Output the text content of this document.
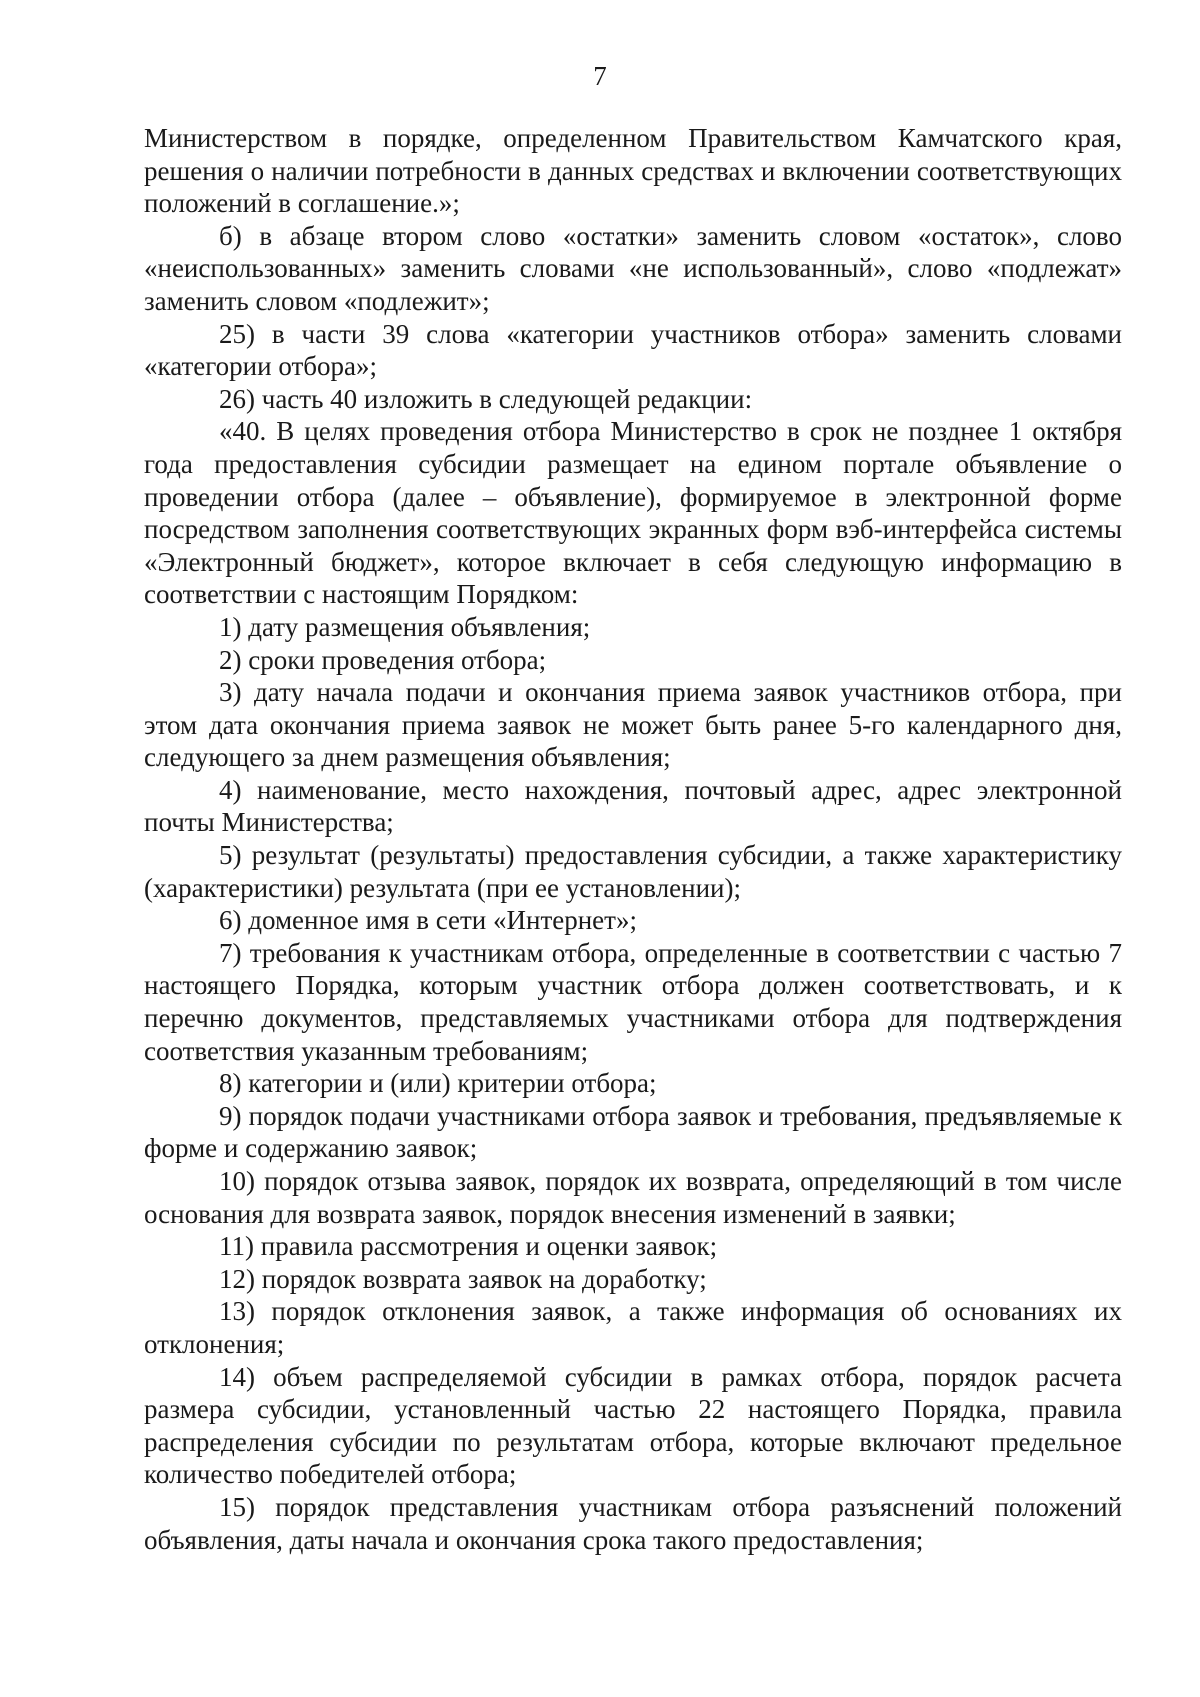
7

Министерством в порядке, определенном Правительством Камчатского края, решения о наличии потребности в данных средствах и включении соответствующих положений в соглашение.»;

б) в абзаце втором слово «остатки» заменить словом «остаток», слово «неиспользованных» заменить словами «не использованный», слово «подлежат» заменить словом «подлежит»;

25) в части 39 слова «категории участников отбора» заменить словами «категории отбора»;

26) часть 40 изложить в следующей редакции:

«40. В целях проведения отбора Министерство в срок не позднее 1 октября года предоставления субсидии размещает на едином портале объявление о проведении отбора (далее – объявление), формируемое в электронной форме посредством заполнения соответствующих экранных форм вэб-интерфейса системы «Электронный бюджет», которое включает в себя следующую информацию в соответствии с настоящим Порядком:

1) дату размещения объявления;

2) сроки проведения отбора;

3) дату начала подачи и окончания приема заявок участников отбора, при этом дата окончания приема заявок не может быть ранее 5-го календарного дня, следующего за днем размещения объявления;

4) наименование, место нахождения, почтовый адрес, адрес электронной почты Министерства;

5) результат (результаты) предоставления субсидии, а также характеристику (характеристики) результата (при ее установлении);

6) доменное имя в сети «Интернет»;

7) требования к участникам отбора, определенные в соответствии с частью 7 настоящего Порядка, которым участник отбора должен соответствовать, и к перечню документов, представляемых участниками отбора для подтверждения соответствия указанным требованиям;

8) категории и (или) критерии отбора;

9) порядок подачи участниками отбора заявок и требования, предъявляемые к форме и содержанию заявок;

10) порядок отзыва заявок, порядок их возврата, определяющий в том числе основания для возврата заявок, порядок внесения изменений в заявки;

11) правила рассмотрения и оценки заявок;

12) порядок возврата заявок на доработку;

13) порядок отклонения заявок, а также информация об основаниях их отклонения;

14) объем распределяемой субсидии в рамках отбора, порядок расчета размера субсидии, установленный частью 22 настоящего Порядка, правила распределения субсидии по результатам отбора, которые включают предельное количество победителей отбора;

15) порядок представления участникам отбора разъяснений положений объявления, даты начала и окончания срока такого предоставления;
